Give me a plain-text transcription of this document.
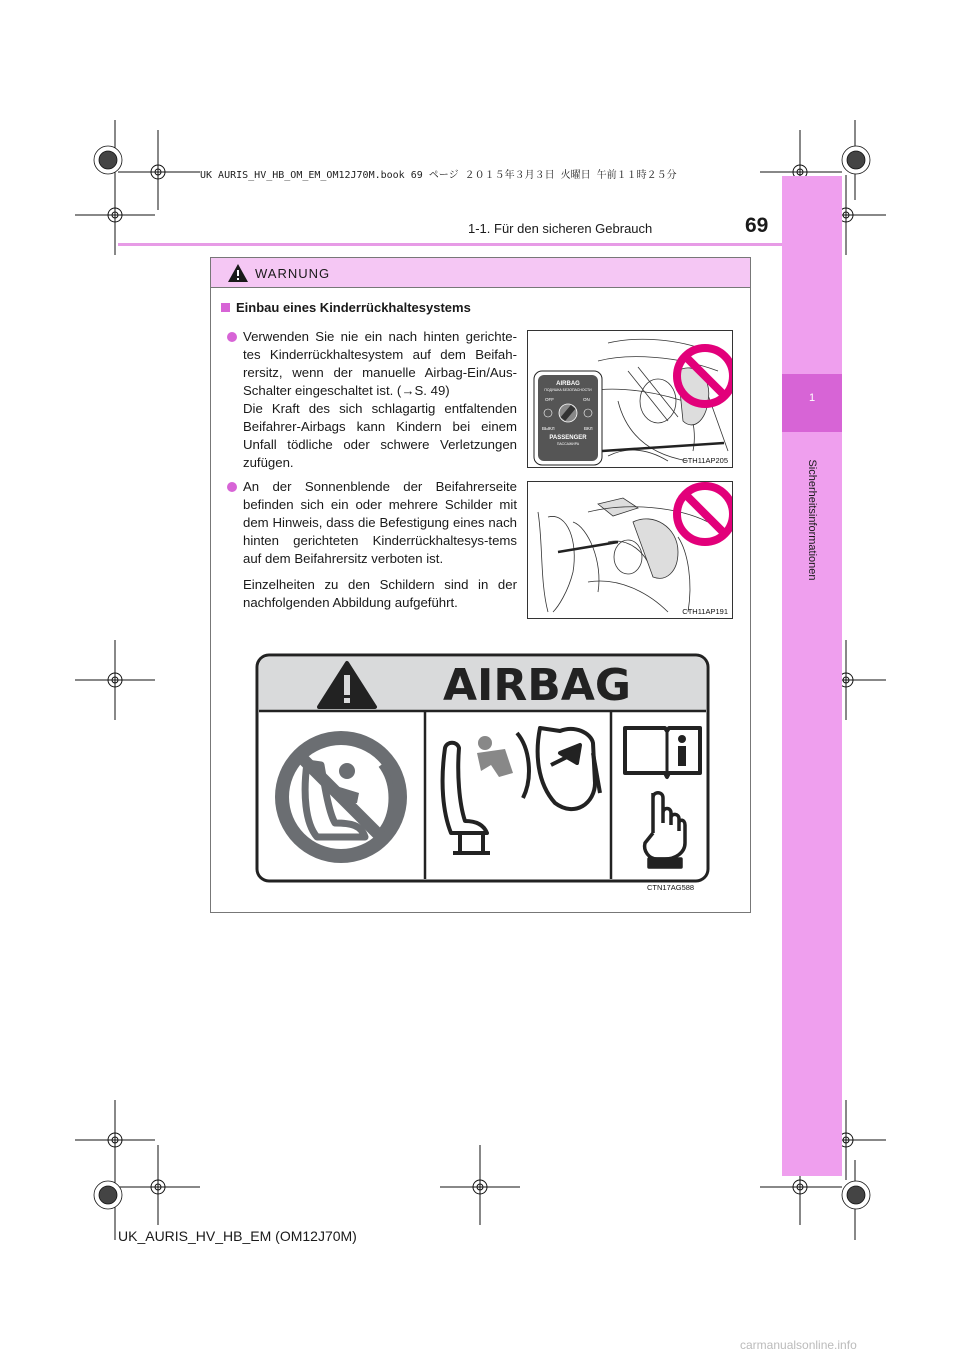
UK AURIS_HV_HB_OM_EM_OM12J70M.book 69 ページ ２０１５年３月３日 火曜日 午前１１時２５分
1
Sicherheitsinformationen
69
1-1. Für den sicheren Gebrauch
WARNUNG
Einbau eines Kinderrückhaltesystems

Verwenden Sie nie ein nach hinten gerichte-tes Kinderrückhaltesystem auf dem Beifah-rersitz, wenn der manuelle Airbag-Ein/Aus-Schalter eingeschaltet ist. (→S. 49)

Die Kraft des sich schlagartig entfaltenden Beifahrer-Airbags kann Kindern bei einem Unfall tödliche oder schwere Verletzungen zufügen.

An der Sonnenblende der Beifahrerseite befinden sich ein oder mehrere Schilder mit dem Hinweis, dass die Befestigung eines nach hinten gerichteten Kinderrückhaltesys-tems auf dem Beifahrersitz verboten ist.

Einzelheiten zu den Schildern sind in der nachfolgenden Abbildung aufgeführt.

AIRBAG
ПОДУШКА БЕЗОПАСНОСТИ
OFF	ON
ВЫКЛ	ВКЛ
PASSENGER
ПАССАЖИРА
CTH11AP205
CTH11AP191
AIRBAG
CTN17AG588
UK_AURIS_HV_HB_EM (OM12J70M)
carmanualsonline.info
